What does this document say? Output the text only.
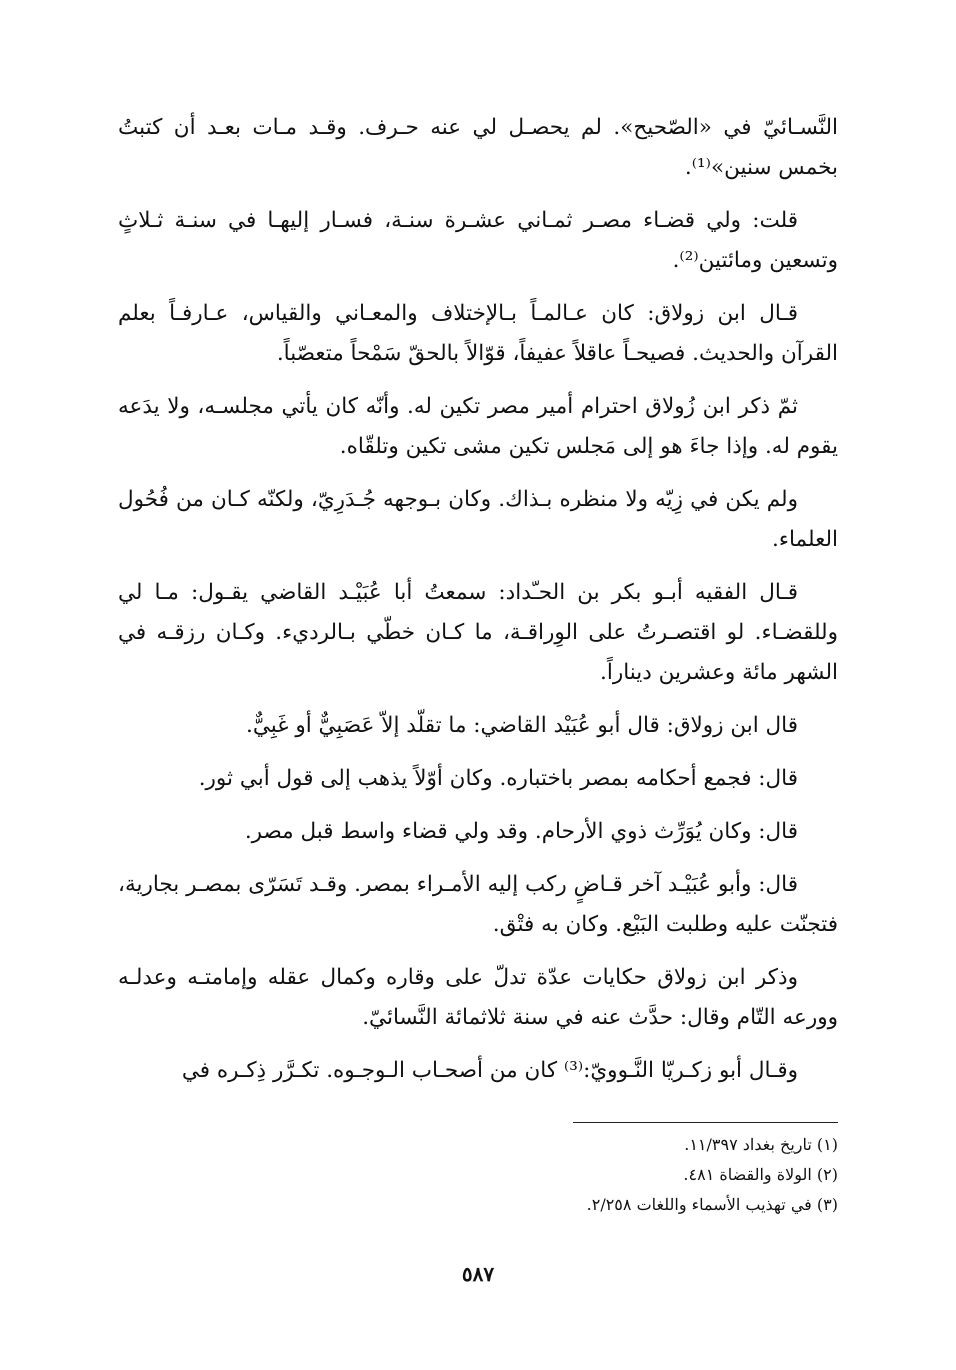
النَّسـائيّ في «الصّحيح». لم يحصـل لي عنه حـرف. وقـد مـات بعـد أن كتبتُ بخمس سنين»⁽¹⁾.

قلت: ولي قضـاء مصـر ثمـاني عشـرة سنـة، فسـار إليهـا في سنـة ثـلاثٍ وتسعين ومائتين⁽²⁾.

قـال ابن زولاق: كان عـالمـاً بـالإختلاف والمعـاني والقياس، عـارفـاً بعلم القرآن والحديث. فصيحـاً عاقلاً عفيفاً، قوّالاً بالحقّ سَمْحاً متعصّباً.

ثمّ ذكر ابن زُولاق احترام أمير مصر تكين له. وأنّه كان يأتي مجلسـه، ولا يدَعه يقوم له. وإذا جاءَ هو إلى مَجلس تكين مشى تكين وتلقّاه.

ولم يكن في زِيّه ولا منظره بـذاك. وكان بـوجهه جُـدَرِيّ، ولكنّه كـان من فُحُول العلماء.

قـال الفقيه أبـو بكر بن الحـّداد: سمعتُ أبا عُبَيْـد القاضي يقـول: مـا لي وللقضـاء. لو اقتصـرتُ على الوِراقـة، ما كـان خطّي بـالرديء. وكـان رزقـه في الشهر مائة وعشرين ديناراً.

قال ابن زولاق: قال أبو عُبَيْد القاضي: ما تقلّد إلاّ عَصَبِيٌّ أو غَبِيٌّ.

قال: فجمع أحكامه بمصر باختباره. وكان أوّلاً يذهب إلى قول أبي ثور.

قال: وكان يُوَرِّث ذوي الأرحام. وقد ولي قضاء واسط قبل مصر.

قال: وأبو عُبَيْـد آخر قـاضٍ ركب إليه الأمـراء بمصر. وقـد تَسَرّى بمصـر بجارية، فتجنّت عليه وطلبت البَيْع. وكان به فتْق.

وذكر ابن زولاق حكايات عدّة تدلّ على وقاره وكمال عقله وإمامتـه وعدلـه وورعه التّام وقال: حدَّث عنه في سنة ثلاثمائة النَّسائيّ.

وقـال أبو زكـريّا النَّـوويّ:⁽³⁾ كان من أصحـاب الـوجـوه. تكـرَّر ذِكـره في

(١) تاريخ بغداد ١١/٣٩٧.

(٢) الولاة والقضاة ٤٨١.

(٣) في تهذيب الأسماء واللغات ٢/٢٥٨.

٥٨٧
